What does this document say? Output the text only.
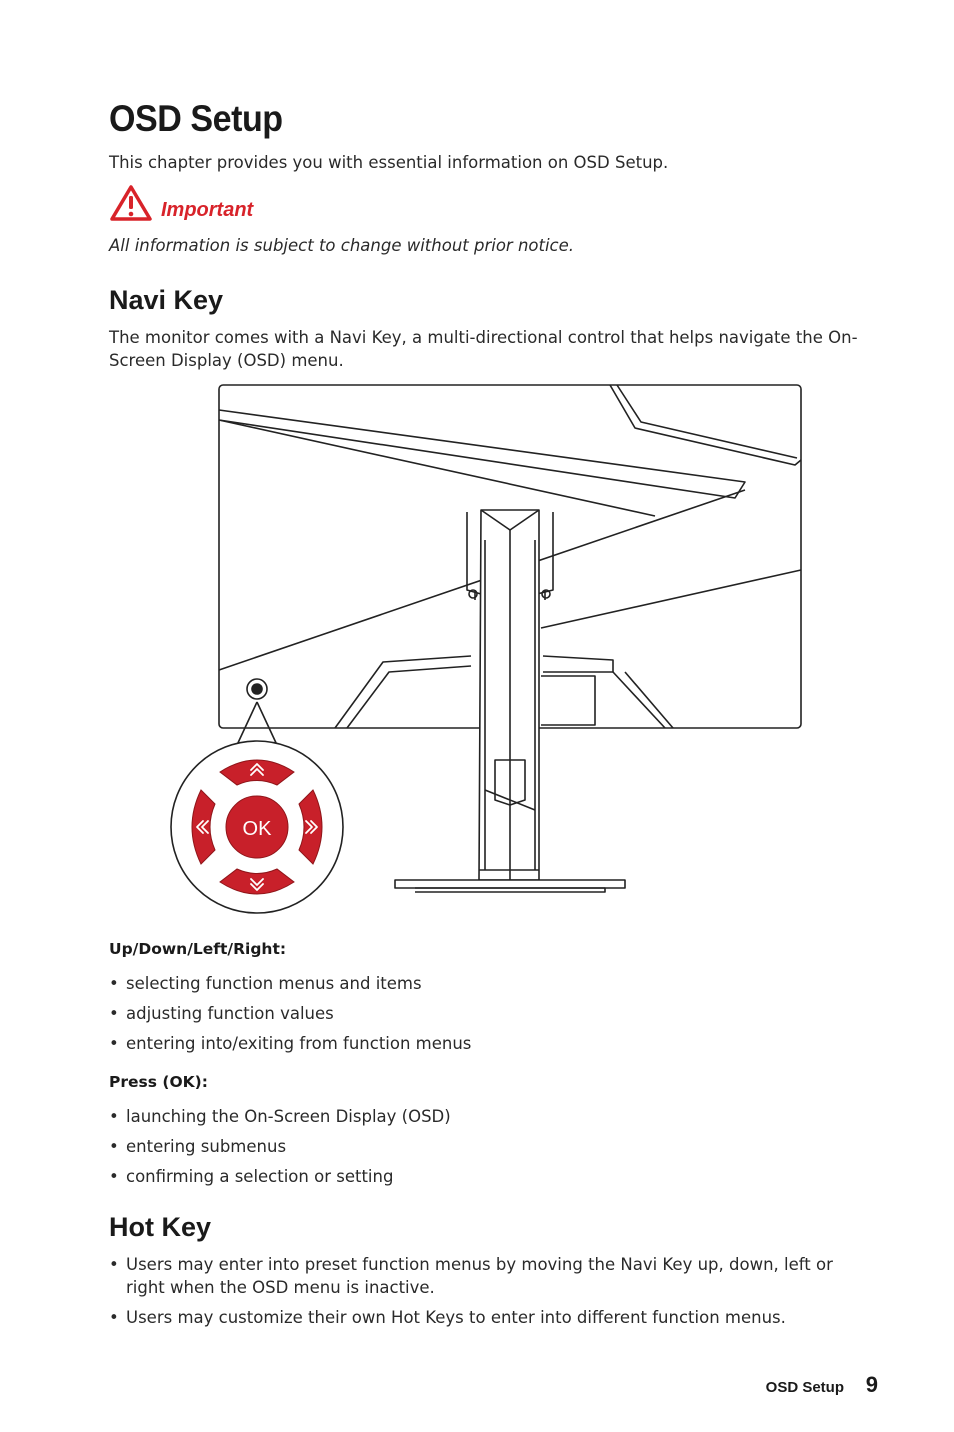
OSD Setup
This chapter provides you with essential information on OSD Setup.
Important
All information is subject to change without prior notice.
Navi Key
The monitor comes with a Navi Key, a multi-directional control that helps navigate the On-Screen Display (OSD) menu.
OK
Up/Down/Left/Right:
• selecting function menus and items
• adjusting function values
• entering into/exiting from function menus
Press (OK):
• launching the On-Screen Display (OSD)
• entering submenus
• confirming a selection or setting
Hot Key
• Users may enter into preset function menus by moving the Navi Key up, down, left or right when the OSD menu is inactive.
• Users may customize their own Hot Keys to enter into different function menus.
OSD Setup 9
